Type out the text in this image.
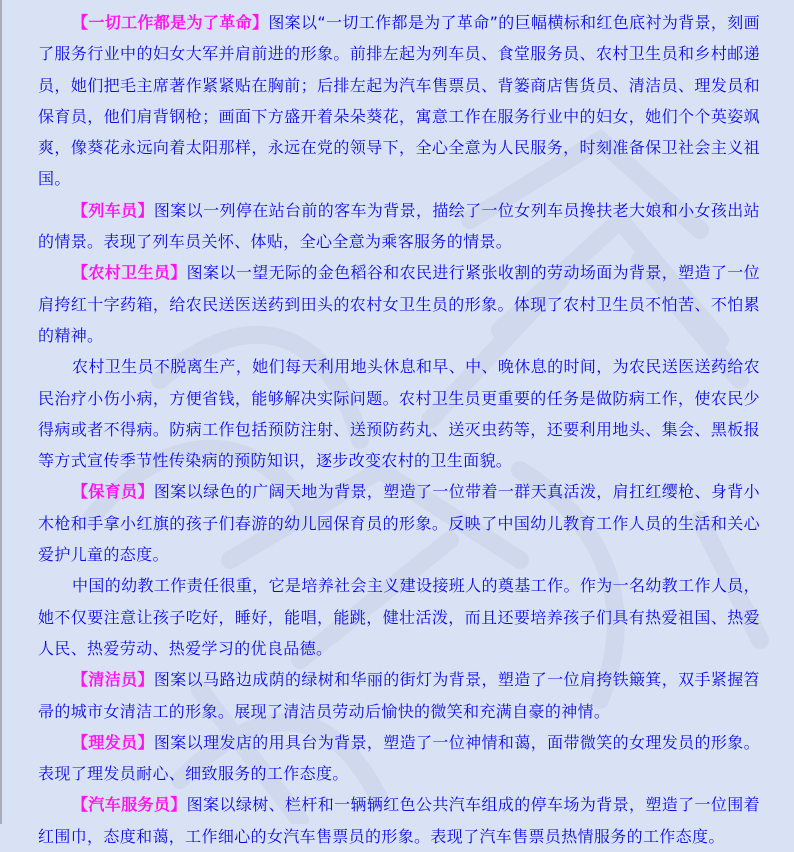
【一切工作都是为了革命】图案以“一切工作都是为了革命”的巨幅横标和红色底衬为背景，刻画了服务行业中的妇女大军并肩前进的形象。前排左起为列车员、食堂服务员、农村卫生员和乡村邮递员，她们把毛主席著作紧紧贴在胸前；后排左起为汽车售票员、背篓商店售货员、清洁员、理发员和保育员，他们肩背钢枪；画面下方盛开着朵朵葵花，寓意工作在服务行业中的妇女，她们个个英姿飒爽，像葵花永远向着太阳那样，永远在党的领导下，全心全意为人民服务，时刻准备保卫社会主义祖国。

【列车员】图案以一列停在站台前的客车为背景，描绘了一位女列车员搀扶老大娘和小女孩出站的情景。表现了列车员关怀、体贴，全心全意为乘客服务的情景。

【农村卫生员】图案以一望无际的金色稻谷和农民进行紧张收割的劳动场面为背景，塑造了一位肩挎红十字药箱，给农民送医送药到田头的农村女卫生员的形象。体现了农村卫生员不怕苦、不怕累的精神。

农村卫生员不脱离生产，她们每天利用地头休息和早、中、晚休息的时间，为农民送医送药给农民治疗小伤小病，方便省钱，能够解决实际问题。农村卫生员更重要的任务是做防病工作，使农民少得病或者不得病。防病工作包括预防注射、送预防药丸、送灭虫药等，还要利用地头、集会、黑板报等方式宣传季节性传染病的预防知识，逐步改变农村的卫生面貌。

【保育员】图案以绿色的广阔天地为背景，塑造了一位带着一群天真活泼，肩扛红缨枪、身背小木枪和手拿小红旗的孩子们春游的幼儿园保育员的形象。反映了中国幼儿教育工作人员的生活和关心爱护儿童的态度。

中国的幼教工作责任很重，它是培养社会主义建设接班人的奠基工作。作为一名幼教工作人员，她不仅要注意让孩子吃好，睡好，能唱，能跳，健壮活泼，而且还要培养孩子们具有热爱祖国、热爱人民、热爱劳动、热爱学习的优良品德。

【清洁员】图案以马路边成荫的绿树和华丽的街灯为背景，塑造了一位肩挎铁簸箕，双手紧握笤帚的城市女清洁工的形象。展现了清洁员劳动后愉快的微笑和充满自豪的神情。

【理发员】图案以理发店的用具台为背景，塑造了一位神情和蔼，面带微笑的女理发员的形象。表现了理发员耐心、细致服务的工作态度。

【汽车服务员】图案以绿树、栏杆和一辆辆红色公共汽车组成的停车场为背景，塑造了一位围着红围巾，态度和蔼，工作细心的女汽车售票员的形象。表现了汽车售票员热情服务的工作态度。
